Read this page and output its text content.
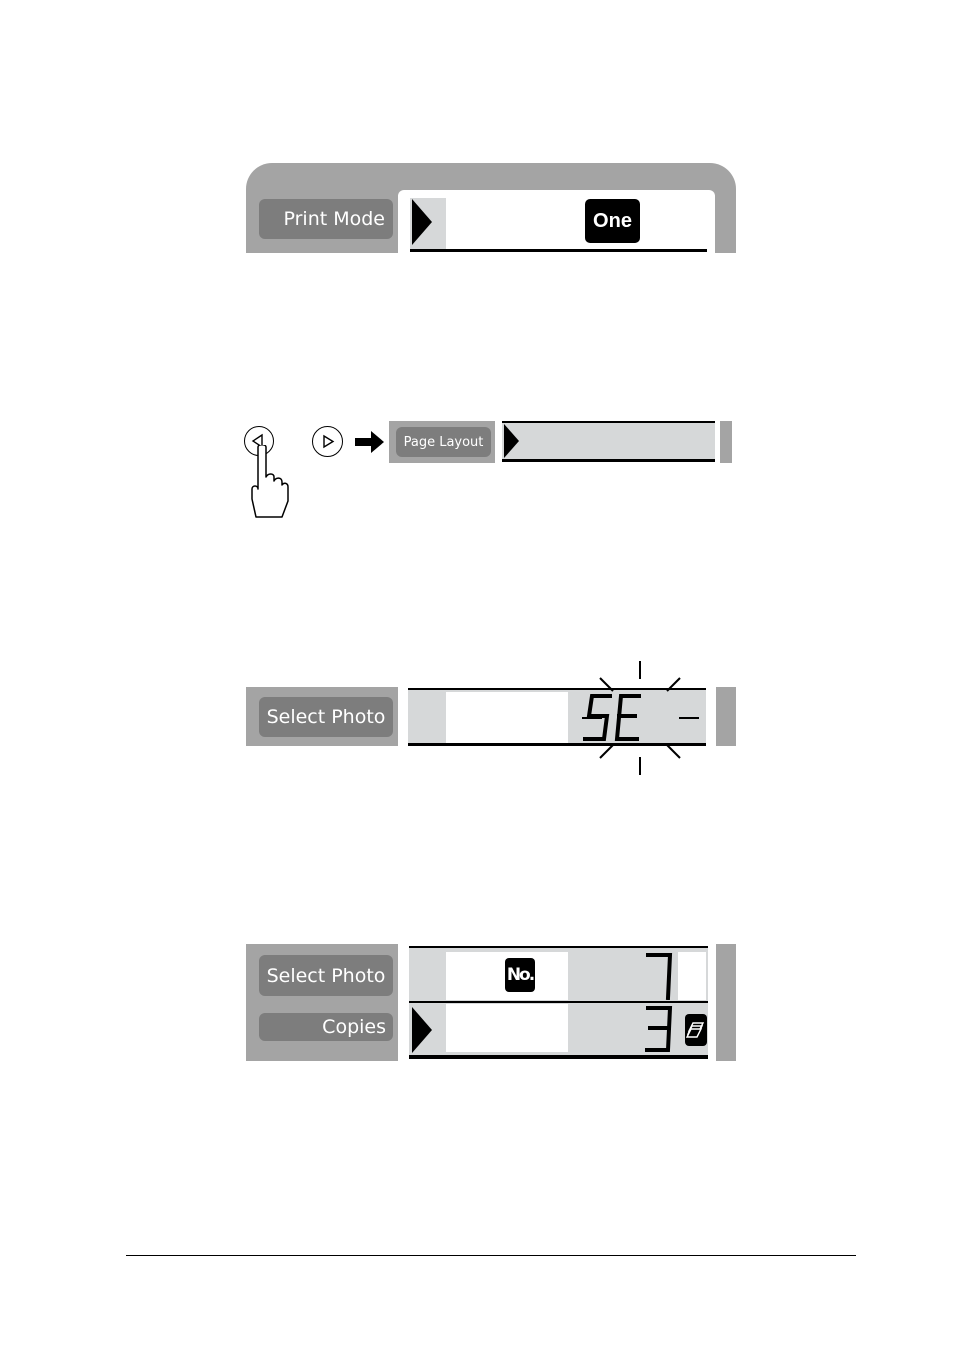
Print Mode	One
Page Layout
Select Photo
Select Photo
Copies
No.
